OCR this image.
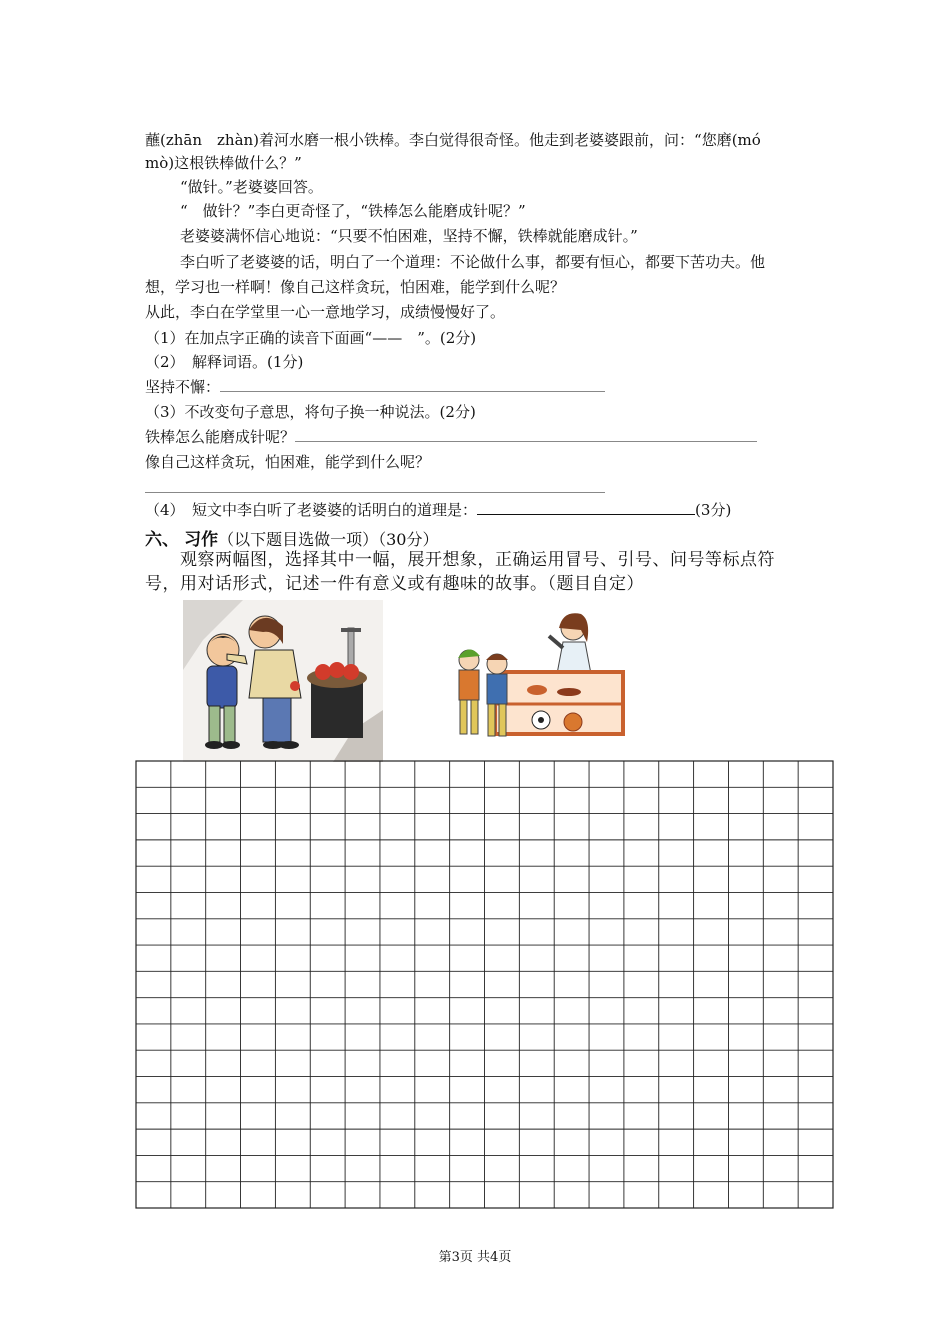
蘸(zhān　zhàn)着河水磨一根小铁棒。李白觉得很奇怪。他走到老婆婆跟前，问：“您磨(mó
mò)这根铁棒做什么？”
“做针。”老婆婆回答。
“　做针？”李白更奇怪了，“铁棒怎么能磨成针呢？”
老婆婆满怀信心地说：“只要不怕困难，坚持不懈，铁棒就能磨成针。”
李白听了老婆婆的话，明白了一个道理：不论做什么事，都要有恒心，都要下苦功夫。他
想，学习也一样啊！像自己这样贪玩，怕困难，能学到什么呢？
从此，李白在学堂里一心一意地学习，成绩慢慢好了。
（1）在加点字正确的读音下面画“——　”。(2分)
（2）　解释词语。(1分)
坚持不懈：
（3）不改变句子意思，将句子换一种说法。(2分)
铁棒怎么能磨成针呢？
像自己这样贪玩，怕困难，能学到什么呢？
（4）　短文中李白听了老婆婆的话明白的道理是：	(3分)
六、 习作（以下题目选做一项）（30分）
观察两幅图，选择其中一幅，展开想象，正确运用冒号、引号、问号等标点符
号，用对话形式，记述一件有意义或有趣味的故事。（题目自定）
第3页 共4页
